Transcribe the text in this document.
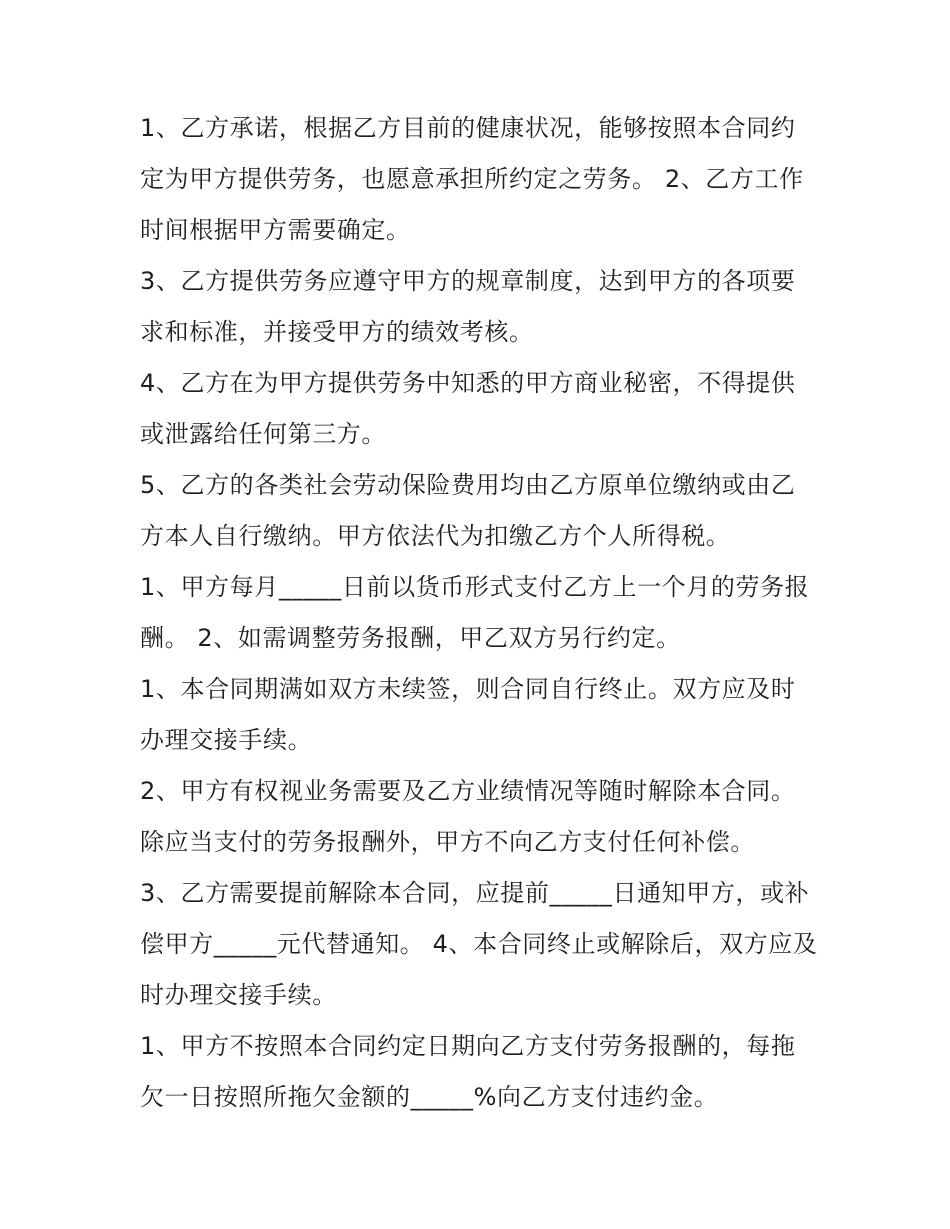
1、乙方承诺，根据乙方目前的健康状况，能够按照本合同约
定为甲方提供劳务，也愿意承担所约定之劳务。 2、乙方工作
时间根据甲方需要确定。
3、乙方提供劳务应遵守甲方的规章制度，达到甲方的各项要
求和标准，并接受甲方的绩效考核。
4、乙方在为甲方提供劳务中知悉的甲方商业秘密，不得提供
或泄露给任何第三方。
5、乙方的各类社会劳动保险费用均由乙方原单位缴纳或由乙
方本人自行缴纳。甲方依法代为扣缴乙方个人所得税。
1、甲方每月_____日前以货币形式支付乙方上一个月的劳务报
酬。 2、如需调整劳务报酬，甲乙双方另行约定。
1、本合同期满如双方未续签，则合同自行终止。双方应及时
办理交接手续。
2、甲方有权视业务需要及乙方业绩情况等随时解除本合同。
除应当支付的劳务报酬外，甲方不向乙方支付任何补偿。
3、乙方需要提前解除本合同，应提前_____日通知甲方，或补
偿甲方_____元代替通知。 4、本合同终止或解除后，双方应及
时办理交接手续。
1、甲方不按照本合同约定日期向乙方支付劳务报酬的，每拖
欠一日按照所拖欠金额的_____%向乙方支付违约金。
